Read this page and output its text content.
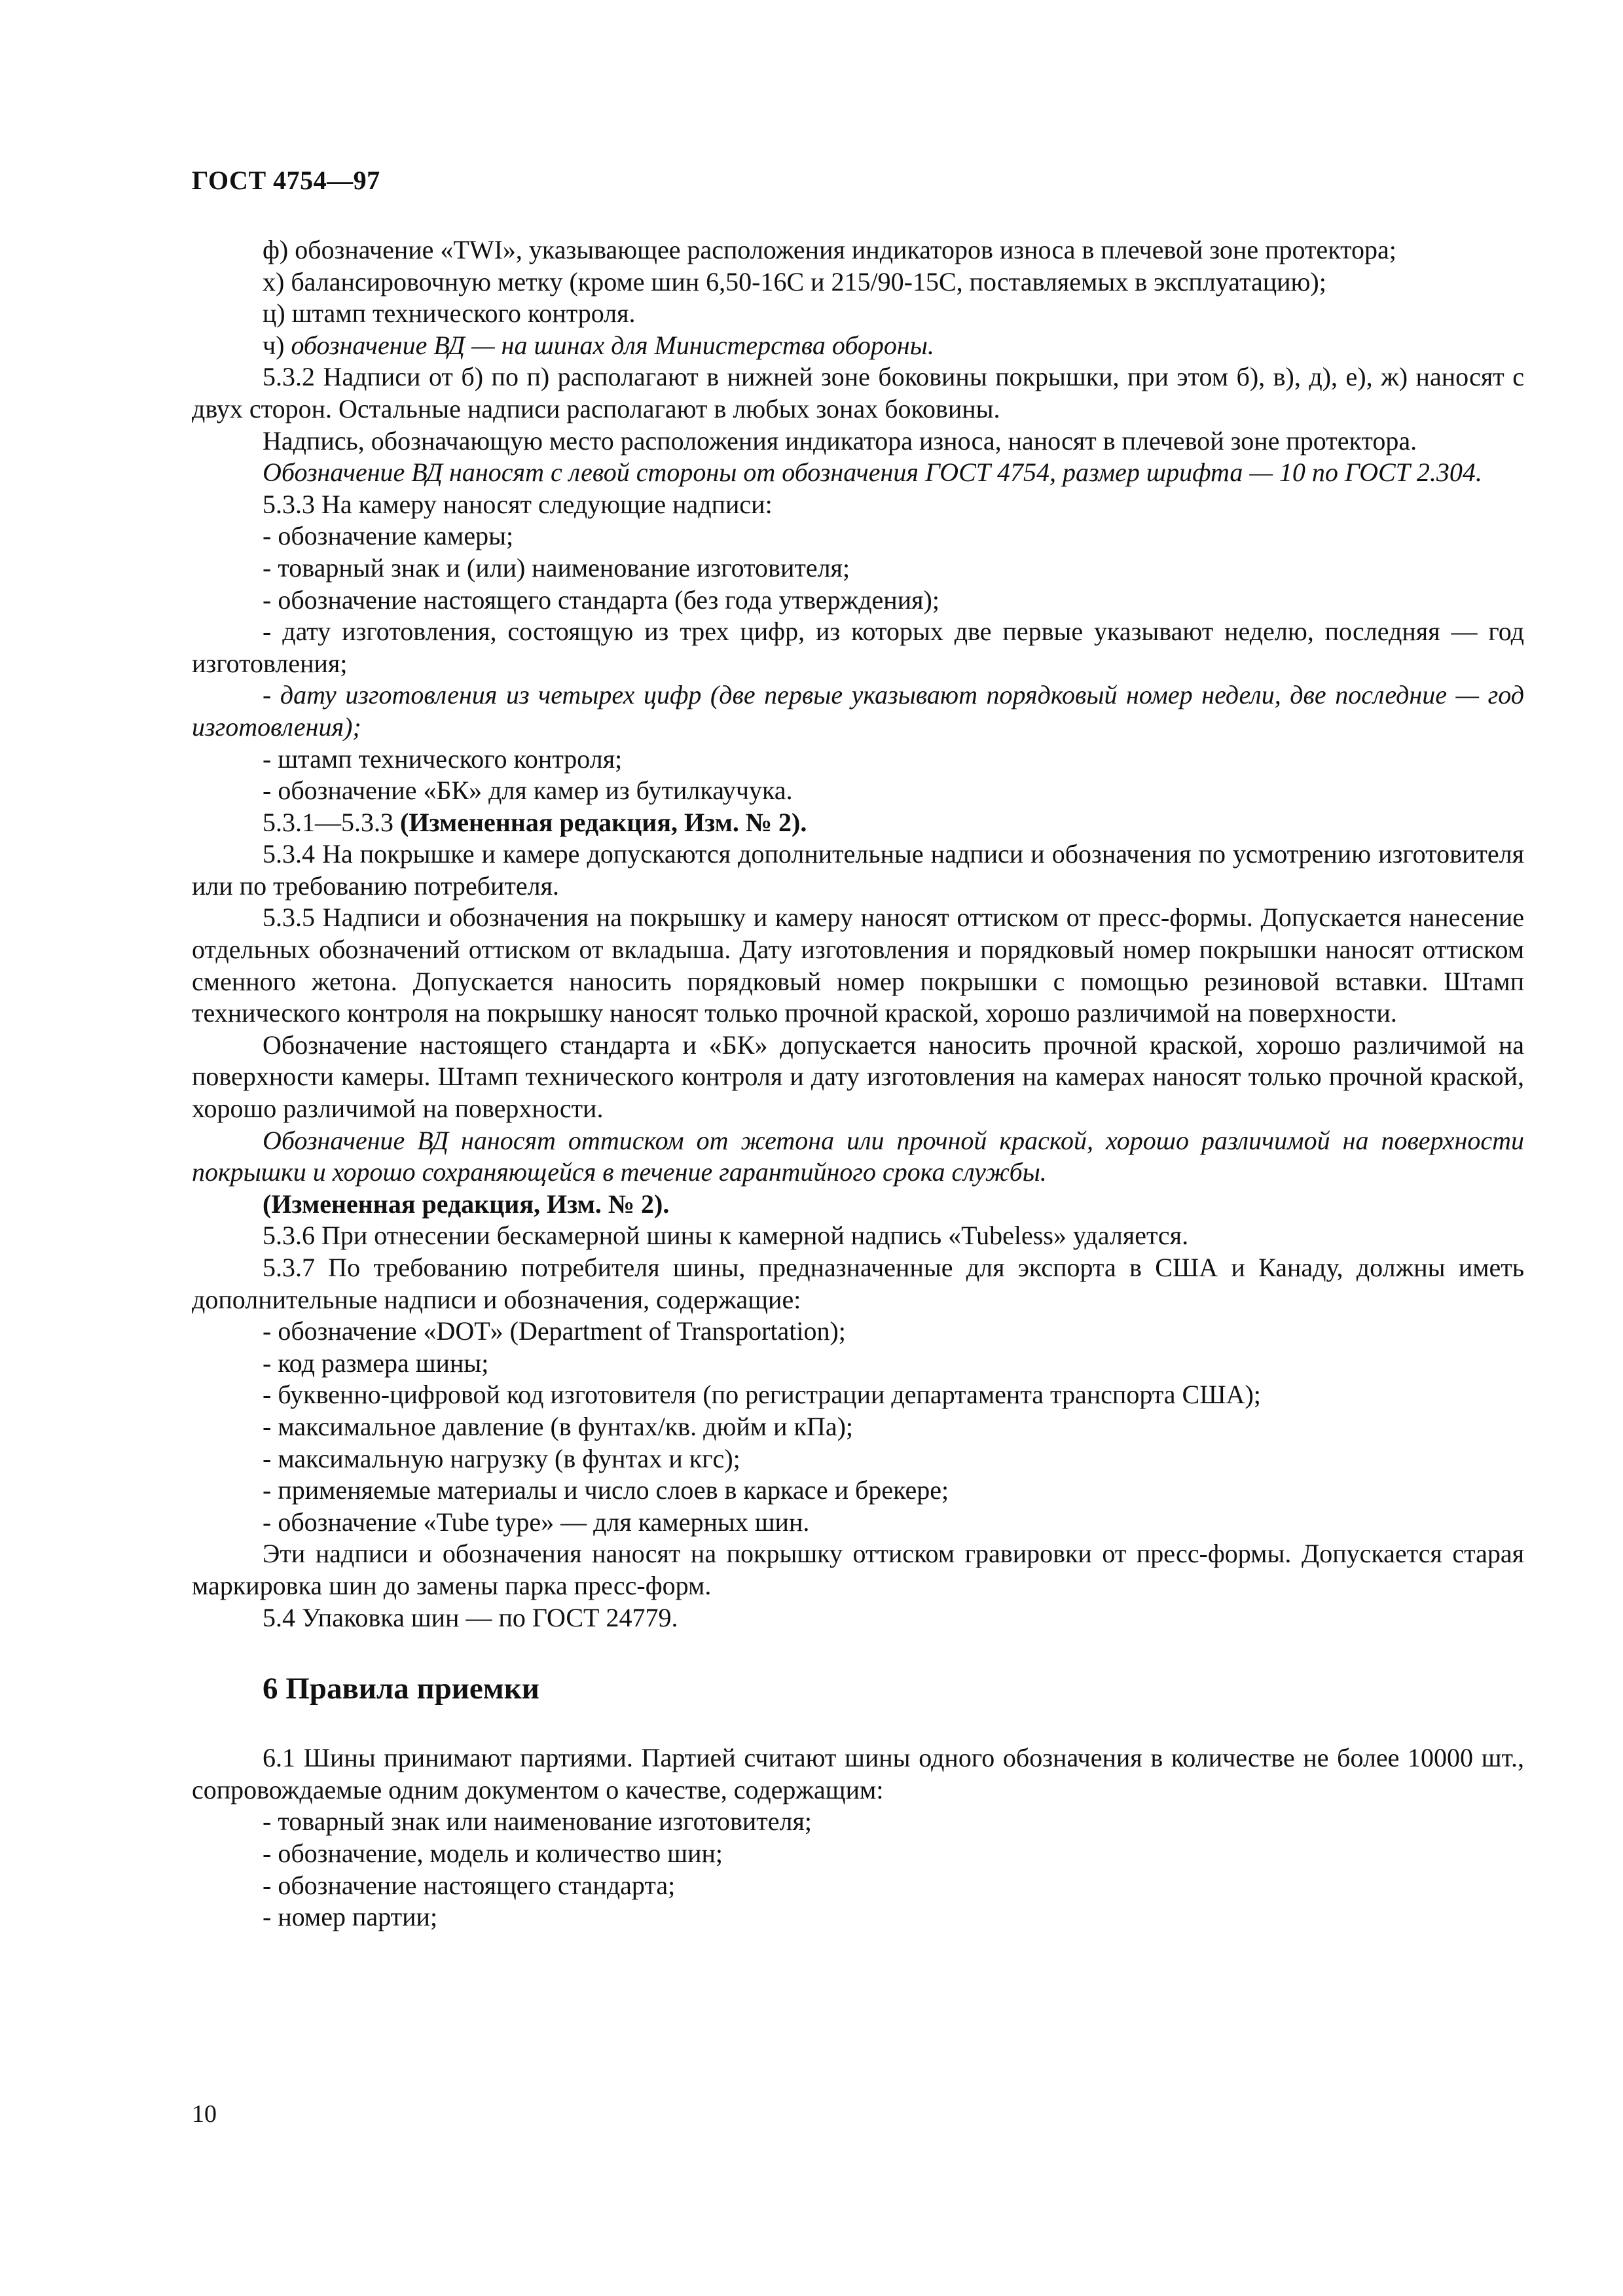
ГОСТ 4754—97

ф) обозначение «TWI», указывающее расположения индикаторов износа в плечевой зоне протектора;

х) балансировочную метку (кроме шин 6,50-16С и 215/90-15С, поставляемых в эксплуатацию);

ц) штамп технического контроля.

ч) обозначение ВД — на шинах для Министерства обороны.

5.3.2 Надписи от б) по п) располагают в нижней зоне боковины покрышки, при этом б), в), д), е), ж) наносят с двух сторон. Остальные надписи располагают в любых зонах боковины.

Надпись, обозначающую место расположения индикатора износа, наносят в плечевой зоне протектора.

Обозначение ВД наносят с левой стороны от обозначения ГОСТ 4754, размер шрифта — 10 по ГОСТ 2.304.

5.3.3 На камеру наносят следующие надписи:

- обозначение камеры;

- товарный знак и (или) наименование изготовителя;

- обозначение настоящего стандарта (без года утверждения);

- дату изготовления, состоящую из трех цифр, из которых две первые указывают неделю, последняя — год изготовления;

- дату изготовления из четырех цифр (две первые указывают порядковый номер недели, две последние — год изготовления);

- штамп технического контроля;

- обозначение «БК» для камер из бутилкаучука.

5.3.1—5.3.3 (Измененная редакция, Изм. № 2).

5.3.4 На покрышке и камере допускаются дополнительные надписи и обозначения по усмотрению изготовителя или по требованию потребителя.

5.3.5 Надписи и обозначения на покрышку и камеру наносят оттиском от пресс-формы. Допускается нанесение отдельных обозначений оттиском от вкладыша. Дату изготовления и порядковый номер покрышки наносят оттиском сменного жетона. Допускается наносить порядковый номер покрышки с помощью резиновой вставки. Штамп технического контроля на покрышку наносят только прочной краской, хорошо различимой на поверхности.

Обозначение настоящего стандарта и «БК» допускается наносить прочной краской, хорошо различимой на поверхности камеры. Штамп технического контроля и дату изготовления на камерах наносят только прочной краской, хорошо различимой на поверхности.

Обозначение ВД наносят оттиском от жетона или прочной краской, хорошо различимой на поверхности покрышки и хорошо сохраняющейся в течение гарантийного срока службы.

(Измененная редакция, Изм. № 2).

5.3.6 При отнесении бескамерной шины к камерной надпись «Tubeless» удаляется.

5.3.7 По требованию потребителя шины, предназначенные для экспорта в США и Канаду, должны иметь дополнительные надписи и обозначения, содержащие:

- обозначение «DOT» (Department of Transportation);

- код размера шины;

- буквенно-цифровой код изготовителя (по регистрации департамента транспорта США);

- максимальное давление (в фунтах/кв. дюйм и кПа);

- максимальную нагрузку (в фунтах и кгс);

- применяемые материалы и число слоев в каркасе и брекере;

- обозначение «Tube type» — для камерных шин.

Эти надписи и обозначения наносят на покрышку оттиском гравировки от пресс-формы. Допускается старая маркировка шин до замены парка пресс-форм.

5.4 Упаковка шин — по ГОСТ 24779.

6 Правила приемки

6.1 Шины принимают партиями. Партией считают шины одного обозначения в количестве не более 10000 шт., сопровождаемые одним документом о качестве, содержащим:

- товарный знак или наименование изготовителя;

- обозначение, модель и количество шин;

- обозначение настоящего стандарта;

- номер партии;

10
